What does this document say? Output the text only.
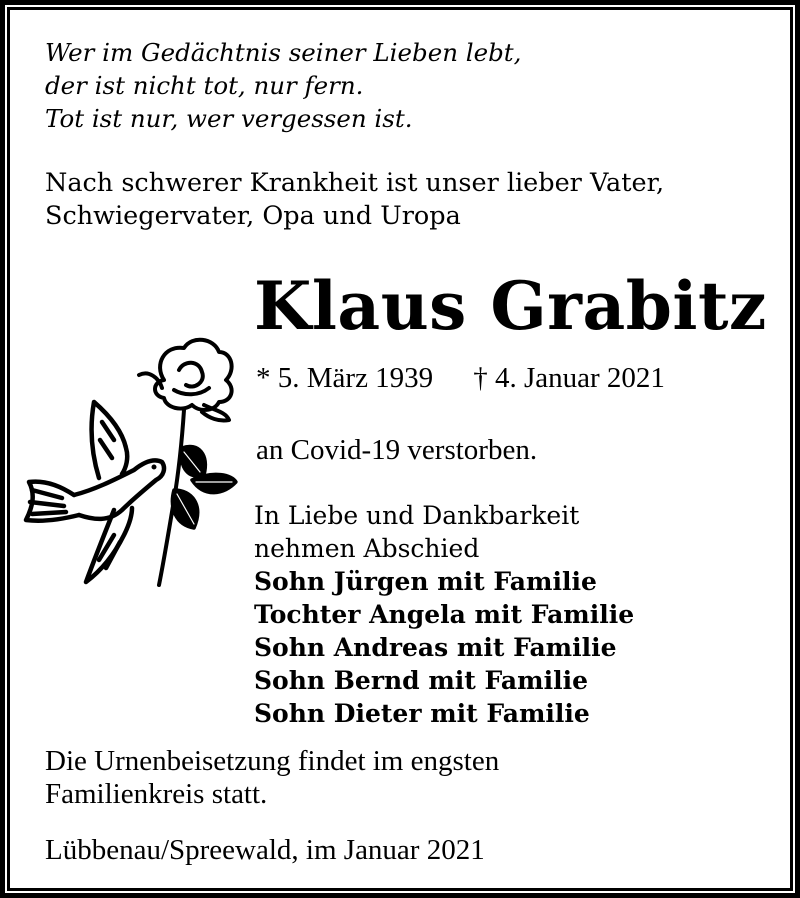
Wer im Gedächtnis seiner Lieben lebt,
der ist nicht tot, nur fern.
Tot ist nur, wer vergessen ist.
Nach schwerer Krankheit ist unser lieber Vater,
Schwiegervater, Opa und Uropa
Klaus Grabitz
* 5. März 1939 † 4. Januar 2021
an Covid-19 verstorben.
In Liebe und Dankbarkeit
nehmen Abschied
Sohn Jürgen mit Familie
Tochter Angela mit Familie
Sohn Andreas mit Familie
Sohn Bernd mit Familie
Sohn Dieter mit Familie
Die Urnenbeisetzung findet im engsten
Familienkreis statt.
Lübbenau/Spreewald, im Januar 2021
